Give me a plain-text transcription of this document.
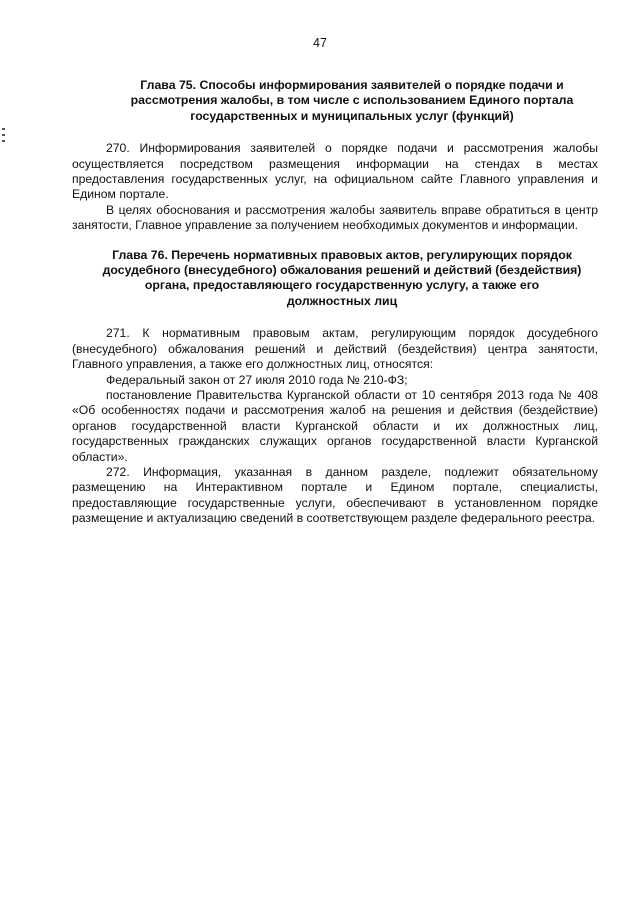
47
Глава 75. Способы информирования заявителей о порядке подачи и
рассмотрения жалобы, в том числе с использованием Единого портала
государственных и муниципальных услуг (функций)

270. Информирования заявителей о порядке подачи и рассмотрения жалобы осуществляется посредством размещения информации на стендах в местах предоставления государственных услуг, на официальном сайте Главного управления и Едином портале.

В целях обоснования и рассмотрения жалобы заявитель вправе обратиться в центр занятости, Главное управление за получением необходимых документов и информации.

Глава 76. Перечень нормативных правовых актов, регулирующих порядок
досудебного (внесудебного) обжалования решений и действий (бездействия)
органа, предоставляющего государственную услугу, а также его
должностных лиц

271. К нормативным правовым актам, регулирующим порядок досудебного (внесудебного) обжалования решений и действий (бездействия) центра занятости, Главного управления, а также его должностных лиц, относятся:

Федеральный закон от 27 июля 2010 года № 210-ФЗ;

постановление Правительства Курганской области от 10 сентября 2013 года № 408 «Об особенностях подачи и рассмотрения жалоб на решения и действия (бездействие) органов государственной власти Курганской области и их должностных лиц, государственных гражданских служащих органов государственной власти Курганской области».

272. Информация, указанная в данном разделе, подлежит обязательному размещению на Интерактивном портале и Едином портале, специалисты, предоставляющие государственные услуги, обеспечивают в установленном порядке размещение и актуализацию сведений в соответствующем разделе федерального реестра.
